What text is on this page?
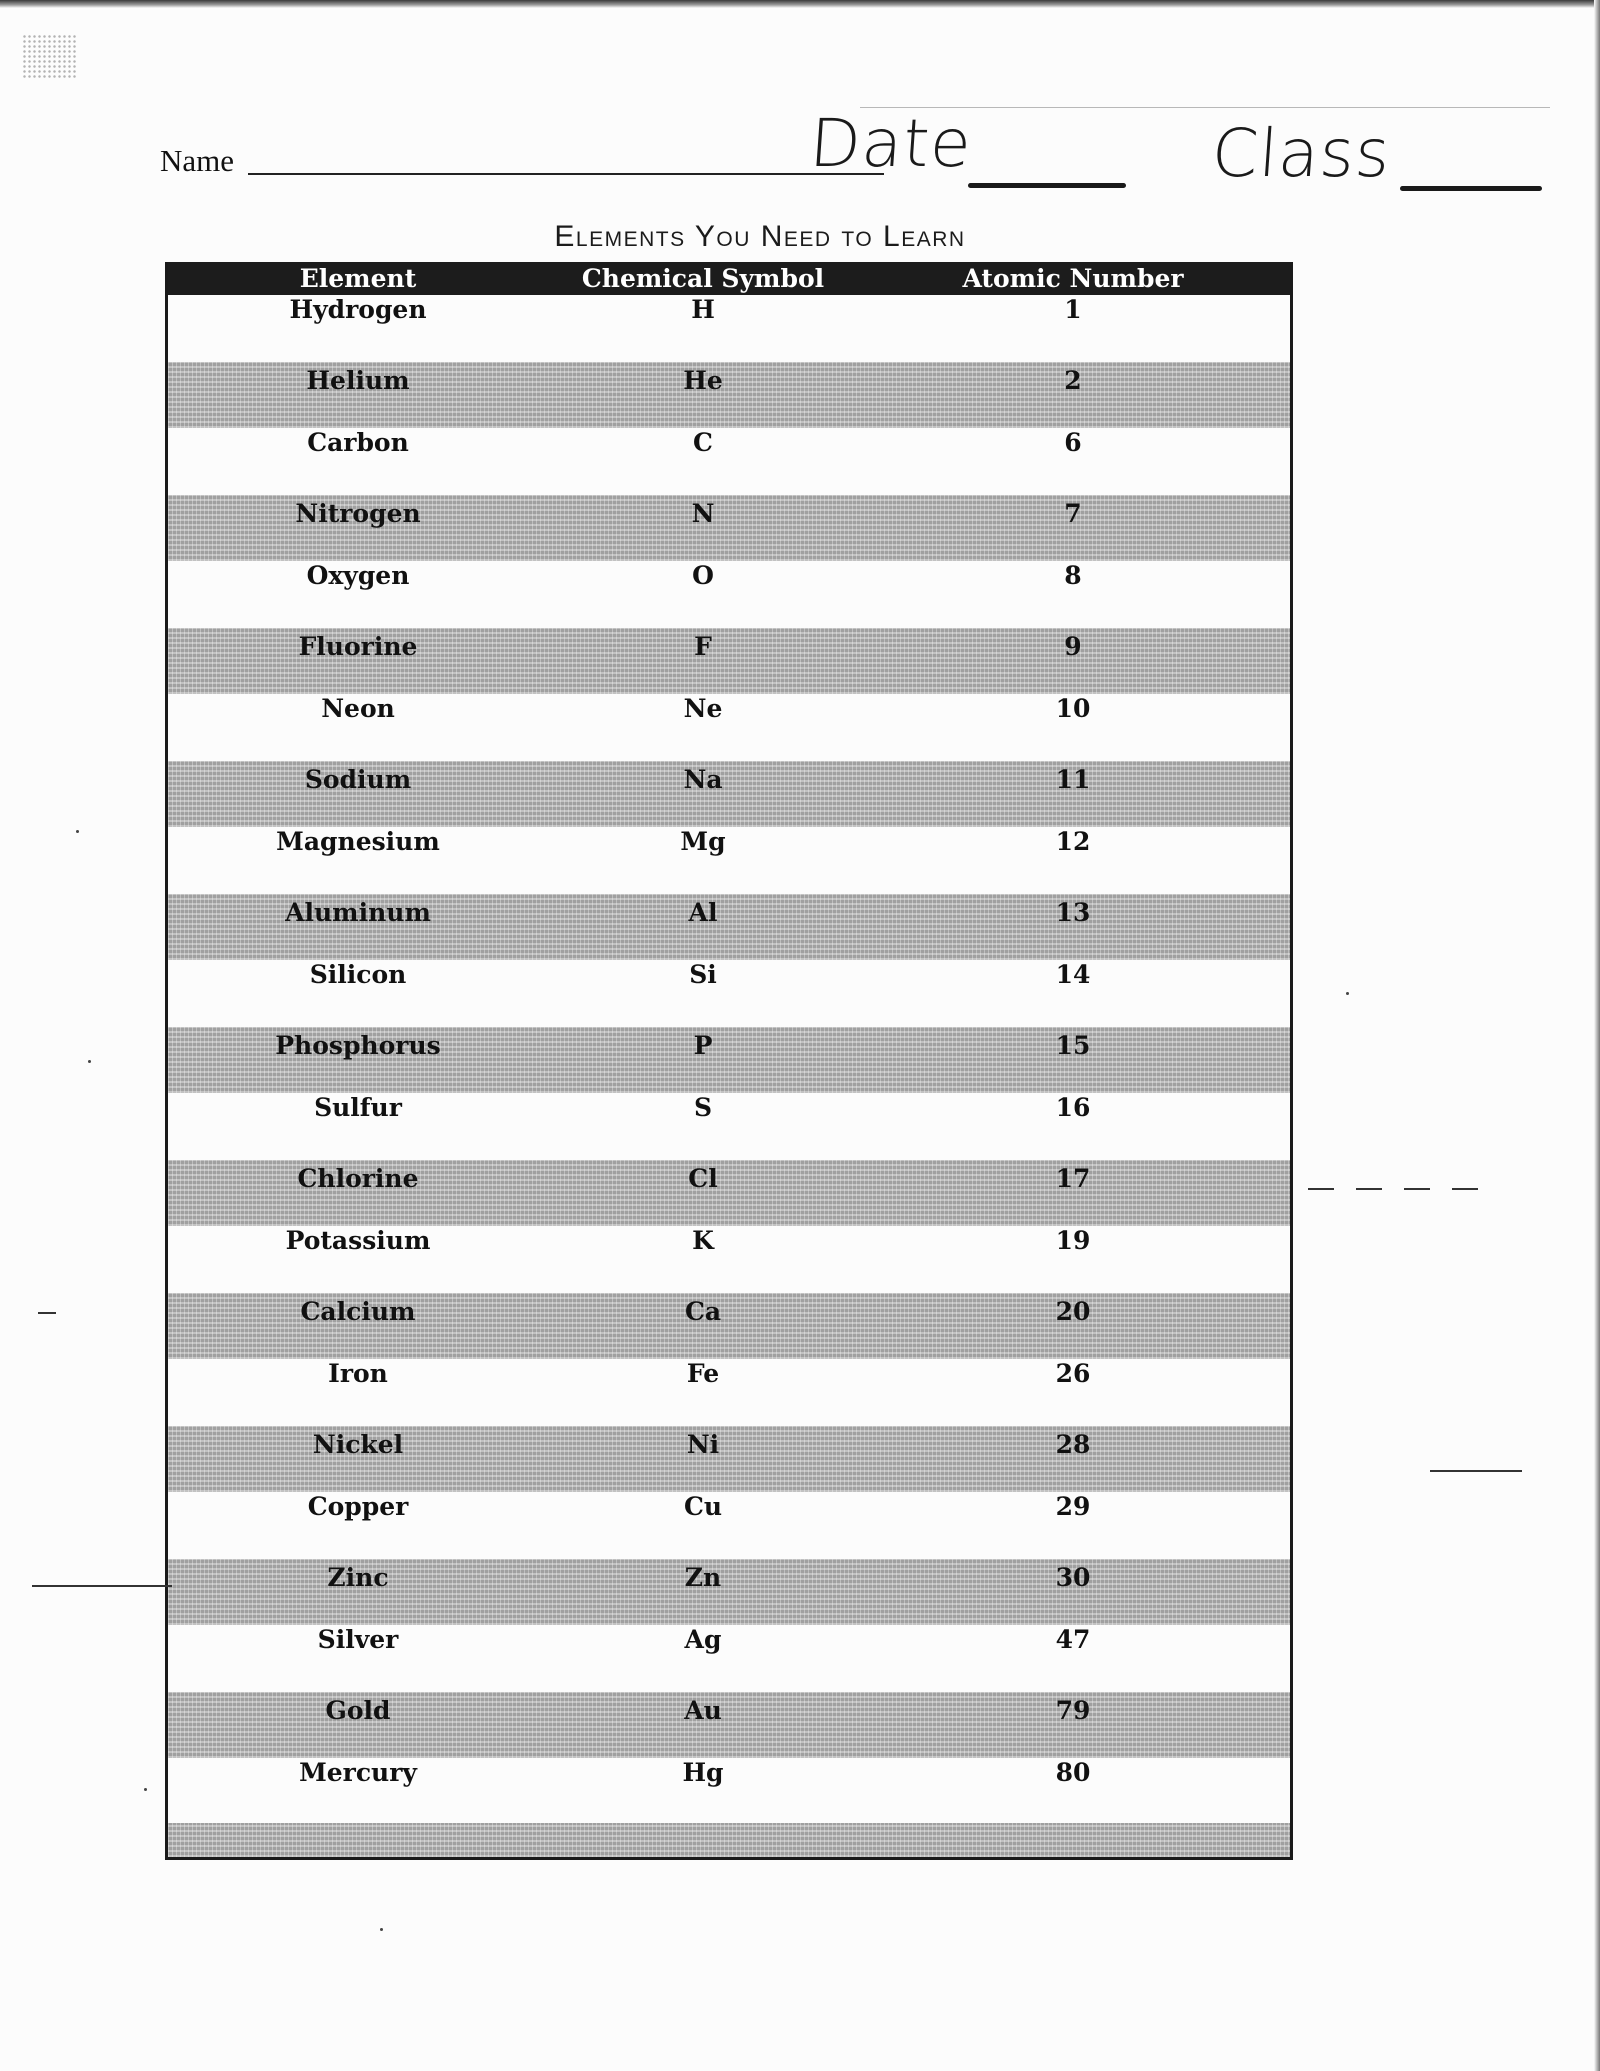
Name	Date	Class
Elements You Need to Learn
Element	Chemical Symbol	Atomic Number
Hydrogen	H	1
Helium	He	2
Carbon	C	6
Nitrogen	N	7
Oxygen	O	8
Fluorine	F	9
Neon	Ne	10
Sodium	Na	11
Magnesium	Mg	12
Aluminum	Al	13
Silicon	Si	14
Phosphorus	P	15
Sulfur	S	16
Chlorine	Cl	17
Potassium	K	19
Calcium	Ca	20
Iron	Fe	26
Nickel	Ni	28
Copper	Cu	29
Zinc	Zn	30
Silver	Ag	47
Gold	Au	79
Mercury	Hg	80
